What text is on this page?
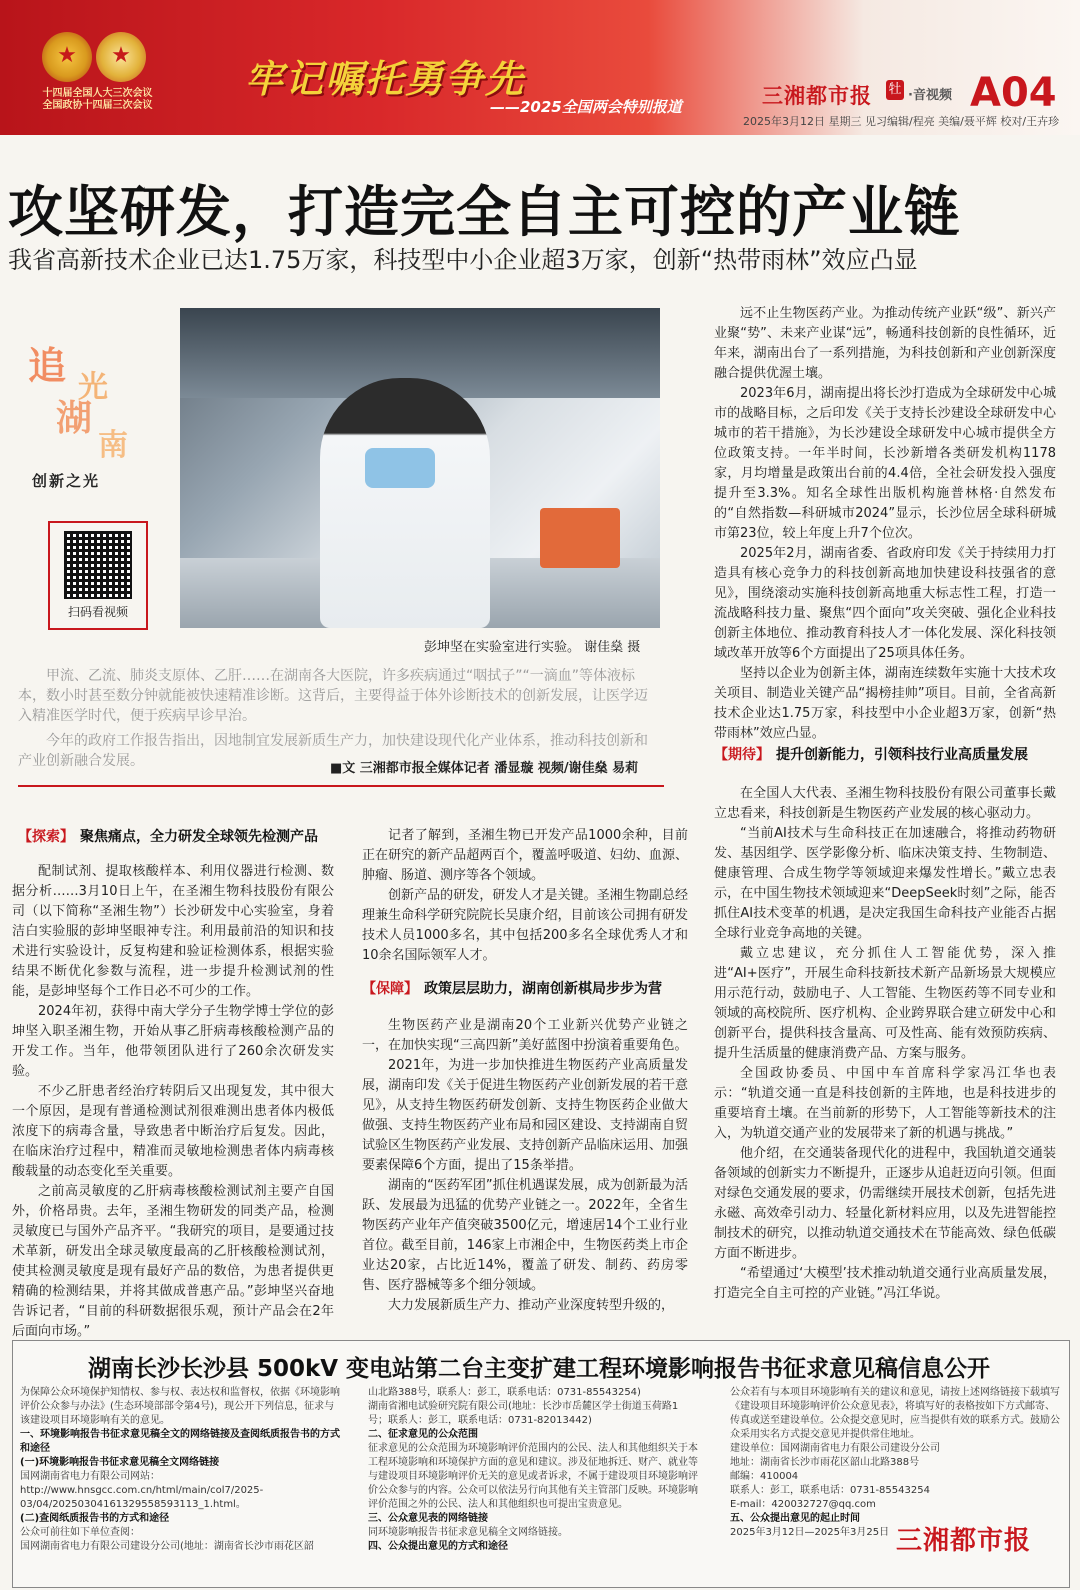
★	★
十四届全国人大三次会议
全国政协十四届三次会议
牢记嘱托勇争先
——2025全国两会特别报道	三湘都市报 牡 ·音视频 A04
2025年3月12日 星期三 见习编辑/程亮 美编/聂平辉 校对/王卉珍
攻坚研发，打造完全自主可控的产业链
我省高新技术企业已达1.75万家，科技型中小企业超3万家，创新“热带雨林”效应凸显
追 光
湖
南
创新之光
扫码看视频
彭坤坚在实验室进行实验。 谢佳燊 摄
甲流、乙流、肺炎支原体、乙肝……在湖南各大医院，许多疾病通过“咽拭子”“一滴血”等体液标本，数小时甚至数分钟就能被快速精准诊断。这背后，主要得益于体外诊断技术的创新发展，让医学迈入精准医学时代，便于疾病早诊早治。
今年的政府工作报告指出，因地制宜发展新质生产力，加快建设现代化产业体系，推动科技创新和产业创新融合发展。	■文 三湘都市报全媒体记者 潘显璇 视频/谢佳燊 易莉
【探索】 聚焦痛点，全力研发全球领先检测产品

配制试剂、提取核酸样本、利用仪器进行检测、数据分析……3月10日上午，在圣湘生物科技股份有限公司（以下简称“圣湘生物”）长沙研发中心实验室，身着洁白实验服的彭坤坚眼神专注。利用最前沿的知识和技术进行实验设计，反复构建和验证检测体系，根据实验结果不断优化参数与流程，进一步提升检测试剂的性能，是彭坤坚每个工作日必不可少的工作。

2024年初，获得中南大学分子生物学博士学位的彭坤坚入职圣湘生物，开始从事乙肝病毒核酸检测产品的开发工作。当年，他带领团队进行了260余次研发实验。

不少乙肝患者经治疗转阴后又出现复发，其中很大一个原因，是现有普通检测试剂很难测出患者体内极低浓度下的病毒含量，导致患者中断治疗后复发。因此，在临床治疗过程中，精准而灵敏地检测患者体内病毒核酸载量的动态变化至关重要。

之前高灵敏度的乙肝病毒核酸检测试剂主要产自国外，价格昂贵。去年，圣湘生物研发的同类产品，检测灵敏度已与国外产品齐平。“我研究的项目，是要通过技术革新，研发出全球灵敏度最高的乙肝核酸检测试剂，使其检测灵敏度是现有最好产品的数倍，为患者提供更精确的检测结果，并将其做成普惠产品。”彭坤坚兴奋地告诉记者，“目前的科研数据很乐观，预计产品会在2年后面向市场。”

记者了解到，圣湘生物已开发产品1000余种，目前正在研究的新产品超两百个，覆盖呼吸道、妇幼、血源、肿瘤、肠道、测序等各个领域。

创新产品的研发，研发人才是关键。圣湘生物副总经理兼生命科学研究院院长吴康介绍，目前该公司拥有研发技术人员1000多名，其中包括200多名全球优秀人才和10余名国际领军人才。

【保障】 政策层层助力，湖南创新棋局步步为营

生物医药产业是湖南20个工业新兴优势产业链之一，在加快实现“三高四新”美好蓝图中扮演着重要角色。

2021年，为进一步加快推进生物医药产业高质量发展，湖南印发《关于促进生物医药产业创新发展的若干意见》，从支持生物医药研发创新、支持生物医药企业做大做强、支持生物医药产业布局和园区建设、支持湖南自贸试验区生物医药产业发展、支持创新产品临床运用、加强要素保障6个方面，提出了15条举措。

湖南的“医药军团”抓住机遇谋发展，成为创新最为活跃、发展最为迅猛的优势产业链之一。2022年，全省生物医药产业年产值突破3500亿元，增速居14个工业行业首位。截至目前，146家上市湘企中，生物医药类上市企业达20家，占比近14%，覆盖了研发、制药、药房零售、医疗器械等多个细分领域。

大力发展新质生产力、推动产业深度转型升级的，

远不止生物医药产业。为推动传统产业跃“级”、新兴产业聚“势”、未来产业谋“远”，畅通科技创新的良性循环，近年来，湖南出台了一系列措施，为科技创新和产业创新深度融合提供优渥土壤。

2023年6月，湖南提出将长沙打造成为全球研发中心城市的战略目标，之后印发《关于支持长沙建设全球研发中心城市的若干措施》，为长沙建设全球研发中心城市提供全方位政策支持。一年半时间，长沙新增各类研发机构1178家，月均增量是政策出台前的4.4倍，全社会研发投入强度提升至3.3%。知名全球性出版机构施普林格·自然发布的“自然指数—科研城市2024”显示，长沙位居全球科研城市第23位，较上年度上升7个位次。

2025年2月，湖南省委、省政府印发《关于持续用力打造具有核心竞争力的科技创新高地加快建设科技强省的意见》，围绕滚动实施科技创新高地重大标志性工程，打造一流战略科技力量、聚焦“四个面向”攻关突破、强化企业科技创新主体地位、推动教育科技人才一体化发展、深化科技领域改革开放等6个方面提出了25项具体任务。

坚持以企业为创新主体，湖南连续数年实施十大技术攻关项目、制造业关键产品“揭榜挂帅”项目。目前，全省高新技术企业达1.75万家，科技型中小企业超3万家，创新“热带雨林”效应凸显。

【期待】 提升创新能力，引领科技行业高质量发展

在全国人大代表、圣湘生物科技股份有限公司董事长戴立忠看来，科技创新是生物医药产业发展的核心驱动力。

“当前AI技术与生命科技正在加速融合，将推动药物研发、基因组学、医学影像分析、临床决策支持、生物制造、健康管理、合成生物学等领域迎来爆发性增长。”戴立忠表示，在中国生物技术领域迎来“DeepSeek时刻”之际，能否抓住AI技术变革的机遇，是决定我国生命科技产业能否占据全球行业竞争高地的关键。

戴立忠建议，充分抓住人工智能优势，深入推进“AI+医疗”，开展生命科技新技术新产品新场景大规模应用示范行动，鼓励电子、人工智能、生物医药等不同专业和领域的高校院所、医疗机构、企业跨界联合建立研发中心和创新平台，提供科技含量高、可及性高、能有效预防疾病、提升生活质量的健康消费产品、方案与服务。

全国政协委员、中国中车首席科学家冯江华也表示：“轨道交通一直是科技创新的主阵地，也是科技进步的重要培育土壤。在当前新的形势下，人工智能等新技术的注入，为轨道交通产业的发展带来了新的机遇与挑战。”

他介绍，在交通装备现代化的进程中，我国轨道交通装备领域的创新实力不断提升，正逐步从追赶迈向引领。但面对绿色交通发展的要求，仍需继续开展技术创新，包括先进永磁、高效牵引动力、轻量化新材料应用，以及先进智能控制技术的研究，以推动轨道交通技术在节能高效、绿色低碳方面不断进步。

“希望通过‘大模型’技术推动轨道交通行业高质量发展，打造完全自主可控的产业链。”冯江华说。

湖南长沙长沙县 500kV 变电站第二台主变扩建工程环境影响报告书征求意见稿信息公开

为保障公众环境保护知情权、参与权、表达权和监督权，依据《环境影响评价公众参与办法》(生态环境部部令第4号)，现公开下列信息，征求与该建设项目环境影响有关的意见。

一、环境影响报告书征求意见稿全文的网络链接及查阅纸质报告书的方式和途径

(一)环境影响报告书征求意见稿全文网络链接

国网湖南省电力有限公司网站：

http://www.hnsgcc.com.cn/html/main/col7/2025-03/04/20250304161329558593113_1.html。

(二)查阅纸质报告书的方式和途径

公众可前往如下单位查阅：

国网湖南省电力有限公司建设分公司(地址：湖南省长沙市雨花区韶

山北路388号，联系人：彭工，联系电话：0731-85543254)

湖南省湘电试验研究院有限公司(地址：长沙市岳麓区学士街道玉荷路1号；联系人：彭工，联系电话：0731-82013442)

二、征求意见的公众范围

征求意见的公众范围为环境影响评价范围内的公民、法人和其他组织关于本工程环境影响和环境保护方面的意见和建议。涉及征地拆迁、财产、就业等与建设项目环境影响评价无关的意见或者诉求，不属于建设项目环境影响评价公众参与的内容。公众可以依法另行向其他有关主管部门反映。环境影响评价范围之外的公民、法人和其他组织也可提出宝贵意见。

三、公众意见表的网络链接

同环境影响报告书征求意见稿全文网络链接。

四、公众提出意见的方式和途径

公众若有与本项目环境影响有关的建议和意见，请按上述网络链接下载填写《建设项目环境影响评价公众意见表》，将填写好的表格按如下方式邮寄、传真或送至建设单位。公众提交意见时，应当提供有效的联系方式。鼓励公众采用实名方式提交意见并提供常住地址。

建设单位：国网湖南省电力有限公司建设分公司

地址：湖南省长沙市雨花区韶山北路388号

邮编：410004

联系人：彭工，联系电话：0731-85543254

E-mail：420032727@qq.com

五、公众提出意见的起止时间

2025年3月12日—2025年3月25日 三湘都市报
